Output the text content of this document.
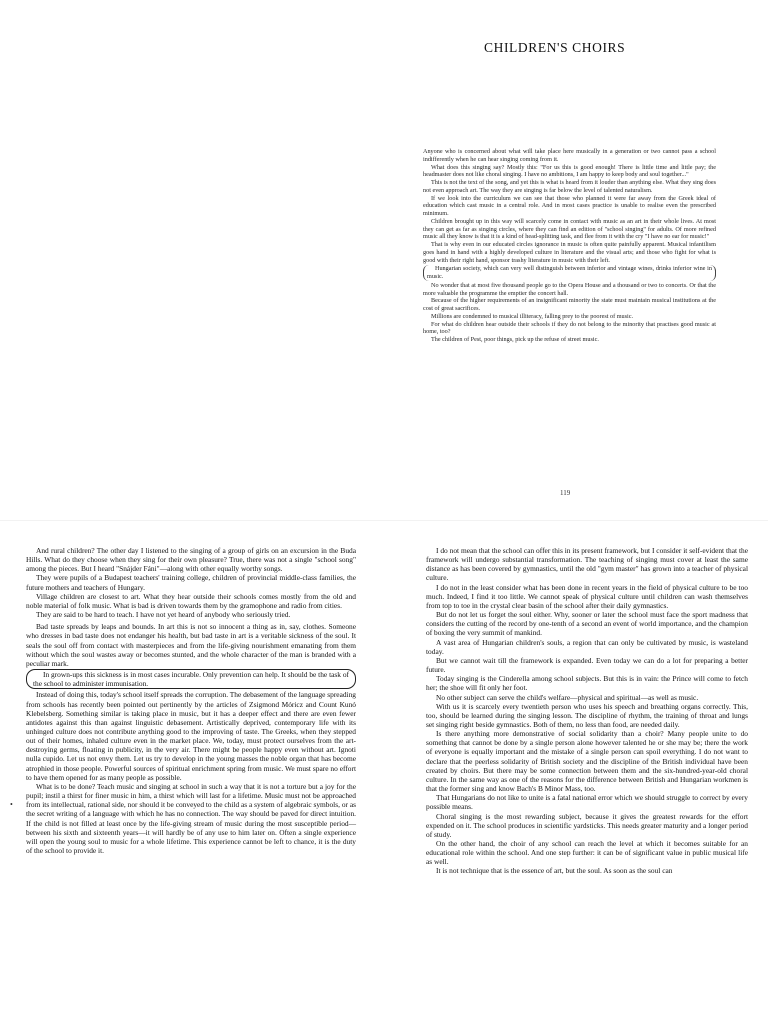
CHILDREN'S CHOIRS

Anyone who is concerned about what will take place here musically in a generation or two cannot pass a school indifferently when he can hear singing coming from it.

What does this singing say? Mostly this: "For us this is good enough! There is little time and little pay; the headmaster does not like choral singing. I have no ambitions, I am happy to keep body and soul together..."

This is not the text of the song, and yet this is what is heard from it louder than anything else. What they sing does not even approach art. The way they are singing is far below the level of talented naturalism.

If we look into the curriculum we can see that those who planned it were far away from the Greek ideal of education which cast music in a central role. And in most cases practice is unable to realise even the prescribed minimum.

Children brought up in this way will scarcely come in contact with music as an art in their whole lives. At most they can get as far as singing circles, where they can find an edition of "school singing" for adults. Of more refined music all they know is that it is a kind of head-splitting task, and flee from it with the cry "I have no ear for music!"

That is why even in our educated circles ignorance in music is often quite painfully apparent. Musical infantilism goes hand in hand with a highly developed culture in literature and the visual arts; and those who fight for what is good with their right hand, sponsor trashy literature in music with their left.

Hungarian society, which can very well distinguish between inferior and vintage wines, drinks inferior wine in music.

No wonder that at most five thousand people go to the Opera House and a thousand or two to concerts. Or that the more valuable the programme the emptier the concert hall.

Because of the higher requirements of an insignificant minority the state must maintain musical institutions at the cost of great sacrifices.

Millions are condemned to musical illiteracy, falling prey to the poorest of music.

For what do children hear outside their schools if they do not belong to the minority that practises good music at home, too?

The children of Pest, poor things, pick up the refuse of street music.

119
•

And rural children? The other day I listened to the singing of a group of girls on an excursion in the Buda Hills. What do they choose when they sing for their own pleasure? True, there was not a single "school song" among the pieces. But I heard "Snájder Fáni"—along with other equally worthy songs.

They were pupils of a Budapest teachers' training college, children of provincial middle-class families, the future mothers and teachers of Hungary.

Village children are closest to art. What they hear outside their schools comes mostly from the old and noble material of folk music. What is bad is driven towards them by the gramophone and radio from cities.

They are said to be hard to teach. I have not yet heard of anybody who seriously tried.

Bad taste spreads by leaps and bounds. In art this is not so innocent a thing as in, say, clothes. Someone who dresses in bad taste does not endanger his health, but bad taste in art is a veritable sickness of the soul. It seals the soul off from contact with masterpieces and from the life-giving nourishment emanating from them without which the soul wastes away or becomes stunted, and the whole character of the man is branded with a peculiar mark.

In grown-ups this sickness is in most cases incurable. Only prevention can help. It should be the task of the school to administer immunisation.

Instead of doing this, today's school itself spreads the corruption. The debasement of the language spreading from schools has recently been pointed out pertinently by the articles of Zsigmond Móricz and Count Kunó Klebelsberg. Something similar is taking place in music, but it has a deeper effect and there are even fewer antidotes against this than against linguistic debasement. Artistically deprived, contemporary life with its unhinged culture does not contribute anything good to the improving of taste. The Greeks, when they stepped out of their homes, inhaled culture even in the market place. We, today, must protect ourselves from the art-destroying germs, floating in publicity, in the very air. There might be people happy even without art. Ignoti nulla cupido. Let us not envy them. Let us try to develop in the young masses the noble organ that has become atrophied in those people. Powerful sources of spiritual enrichment spring from music. We must spare no effort to have them opened for as many people as possible.

What is to be done? Teach music and singing at school in such a way that it is not a torture but a joy for the pupil; instil a thirst for finer music in him, a thirst which will last for a lifetime. Music must not be approached from its intellectual, rational side, nor should it be conveyed to the child as a system of algebraic symbols, or as the secret writing of a language with which he has no connection. The way should be paved for direct intuition. If the child is not filled at least once by the life-giving stream of music during the most susceptible period—between his sixth and sixteenth years—it will hardly be of any use to him later on. Often a single experience will open the young soul to music for a whole lifetime. This experience cannot be left to chance, it is the duty of the school to provide it.

I do not mean that the school can offer this in its present framework, but I consider it self-evident that the framework will undergo substantial transformation. The teaching of singing must cover at least the same distance as has been covered by gymnastics, until the old "gym master" has grown into a teacher of physical culture.

I do not in the least consider what has been done in recent years in the field of physical culture to be too much. Indeed, I find it too little. We cannot speak of physical culture until children can wash themselves from top to toe in the crystal clear basin of the school after their daily gymnastics.

But do not let us forget the soul either. Why, sooner or later the school must face the sport madness that considers the cutting of the record by one-tenth of a second an event of world importance, and the champion of boxing the very summit of mankind.

A vast area of Hungarian children's souls, a region that can only be cultivated by music, is wasteland today.

But we cannot wait till the framework is expanded. Even today we can do a lot for preparing a better future.

Today singing is the Cinderella among school subjects. But this is in vain: the Prince will come to fetch her; the shoe will fit only her foot.

No other subject can serve the child's welfare—physical and spiritual—as well as music.

With us it is scarcely every twentieth person who uses his speech and breathing organs correctly. This, too, should be learned during the singing lesson. The discipline of rhythm, the training of throat and lungs set singing right beside gymnastics. Both of them, no less than food, are needed daily.

Is there anything more demonstrative of social solidarity than a choir? Many people unite to do something that cannot be done by a single person alone however talented he or she may be; there the work of everyone is equally important and the mistake of a single person can spoil everything. I do not want to declare that the peerless solidarity of British society and the discipline of the British individual have been created by choirs. But there may be some connection between them and the six-hundred-year-old choral culture. In the same way as one of the reasons for the difference between British and Hungarian workmen is that the former sing and know Bach's B Minor Mass, too.

That Hungarians do not like to unite is a fatal national error which we should struggle to correct by every possible means.

Choral singing is the most rewarding subject, because it gives the greatest rewards for the effort expended on it. The school produces in scientific yardsticks. This needs greater maturity and a longer period of study.

On the other hand, the choir of any school can reach the level at which it becomes suitable for an educational role within the school. And one step further: it can be of significant value in public musical life as well.

It is not technique that is the essence of art, but the soul. As soon as the soul can
